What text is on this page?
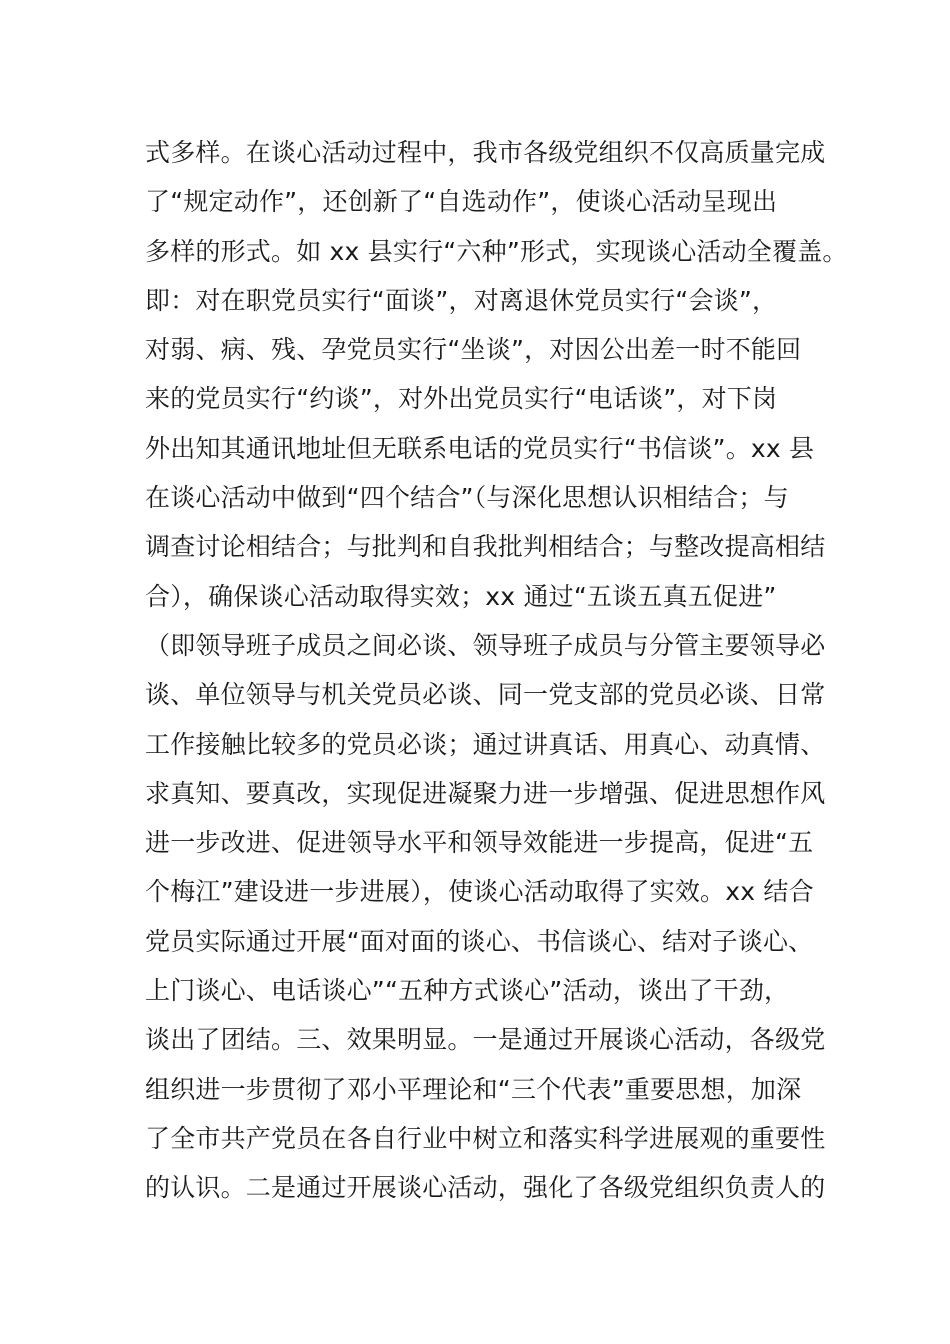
式多样。在谈心活动过程中，我市各级党组织不仅高质量完成
了“规定动作”，还创新了“自选动作”，使谈心活动呈现出
多样的形式。如 xx 县实行“六种”形式，实现谈心活动全覆盖。
即：对在职党员实行“面谈”，对离退休党员实行“会谈”，
对弱、病、残、孕党员实行“坐谈”，对因公出差一时不能回
来的党员实行“约谈”，对外出党员实行“电话谈”，对下岗
外出知其通讯地址但无联系电话的党员实行“书信谈”。xx 县
在谈心活动中做到“四个结合”（与深化思想认识相结合；与
调查讨论相结合；与批判和自我批判相结合；与整改提高相结
合），确保谈心活动取得实效；xx 通过“五谈五真五促进”
（即领导班子成员之间必谈、领导班子成员与分管主要领导必
谈、单位领导与机关党员必谈、同一党支部的党员必谈、日常
工作接触比较多的党员必谈；通过讲真话、用真心、动真情、
求真知、要真改，实现促进凝聚力进一步增强、促进思想作风
进一步改进、促进领导水平和领导效能进一步提高，促进“五
个梅江”建设进一步进展），使谈心活动取得了实效。xx 结合
党员实际通过开展“面对面的谈心、书信谈心、结对子谈心、
上门谈心、电话谈心”“五种方式谈心”活动，谈出了干劲，
谈出了团结。三、效果明显。一是通过开展谈心活动，各级党
组织进一步贯彻了邓小平理论和“三个代表”重要思想，加深
了全市共产党员在各自行业中树立和落实科学进展观的重要性
的认识。二是通过开展谈心活动，强化了各级党组织负责人的
